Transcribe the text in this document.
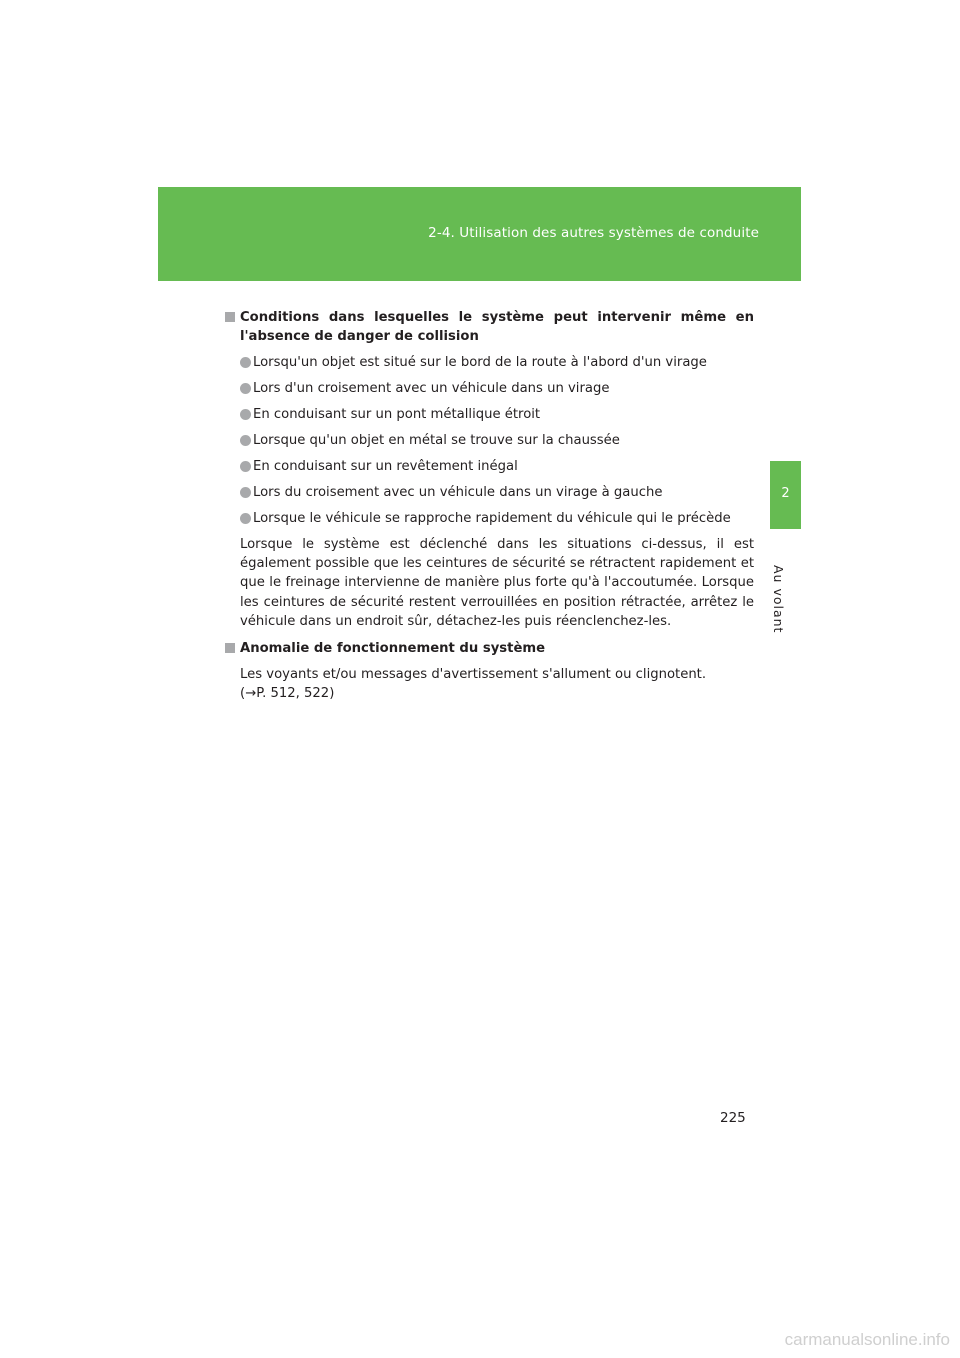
2-4. Utilisation des autres systèmes de conduite
2
Au volant
Conditions dans lesquelles le système peut intervenir même en l'absence de danger de collision
Lorsqu'un objet est situé sur le bord de la route à l'abord d'un virage
Lors d'un croisement avec un véhicule dans un virage
En conduisant sur un pont métallique étroit
Lorsque qu'un objet en métal se trouve sur la chaussée
En conduisant sur un revêtement inégal
Lors du croisement avec un véhicule dans un virage à gauche
Lorsque le véhicule se rapproche rapidement du véhicule qui le précède

Lorsque le système est déclenché dans les situations ci-dessus, il est également possible que les ceintures de sécurité se rétractent rapidement et que le freinage intervienne de manière plus forte qu'à l'accoutumée. Lorsque les ceintures de sécurité restent verrouillées en position rétractée, arrêtez le véhicule dans un endroit sûr, détachez-les puis réenclenchez-les.

Anomalie de fonctionnement du système
Les voyants et/ou messages d'avertissement s'allument ou clignotent.
(→P. 512, 522)
225
carmanualsonline.info
